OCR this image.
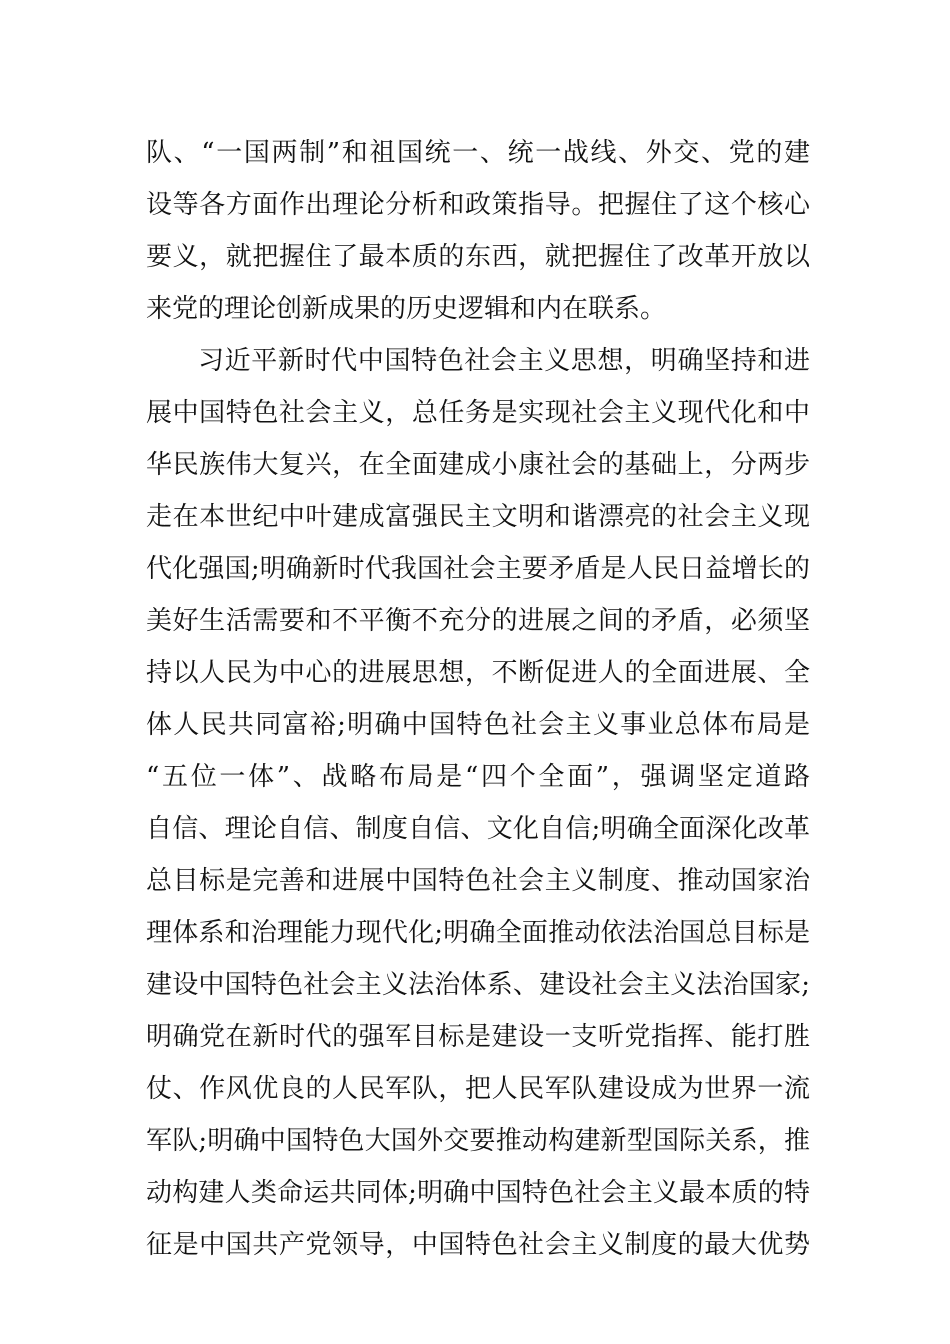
队、“一国两制”和祖国统一、统一战线、外交、党的建
设等各方面作出理论分析和政策指导。把握住了这个核心
要义，就把握住了最本质的东西，就把握住了改革开放以
来党的理论创新成果的历史逻辑和内在联系。
习近平新时代中国特色社会主义思想，明确坚持和进
展中国特色社会主义，总任务是实现社会主义现代化和中
华民族伟大复兴，在全面建成小康社会的基础上，分两步
走在本世纪中叶建成富强民主文明和谐漂亮的社会主义现
代化强国;明确新时代我国社会主要矛盾是人民日益增长的
美好生活需要和不平衡不充分的进展之间的矛盾，必须坚
持以人民为中心的进展思想，不断促进人的全面进展、全
体人民共同富裕;明确中国特色社会主义事业总体布局是
“五位一体”、战略布局是“四个全面”，强调坚定道路
自信、理论自信、制度自信、文化自信;明确全面深化改革
总目标是完善和进展中国特色社会主义制度、推动国家治
理体系和治理能力现代化;明确全面推动依法治国总目标是
建设中国特色社会主义法治体系、建设社会主义法治国家;
明确党在新时代的强军目标是建设一支听党指挥、能打胜
仗、作风优良的人民军队，把人民军队建设成为世界一流
军队;明确中国特色大国外交要推动构建新型国际关系，推
动构建人类命运共同体;明确中国特色社会主义最本质的特
征是中国共产党领导，中国特色社会主义制度的最大优势
